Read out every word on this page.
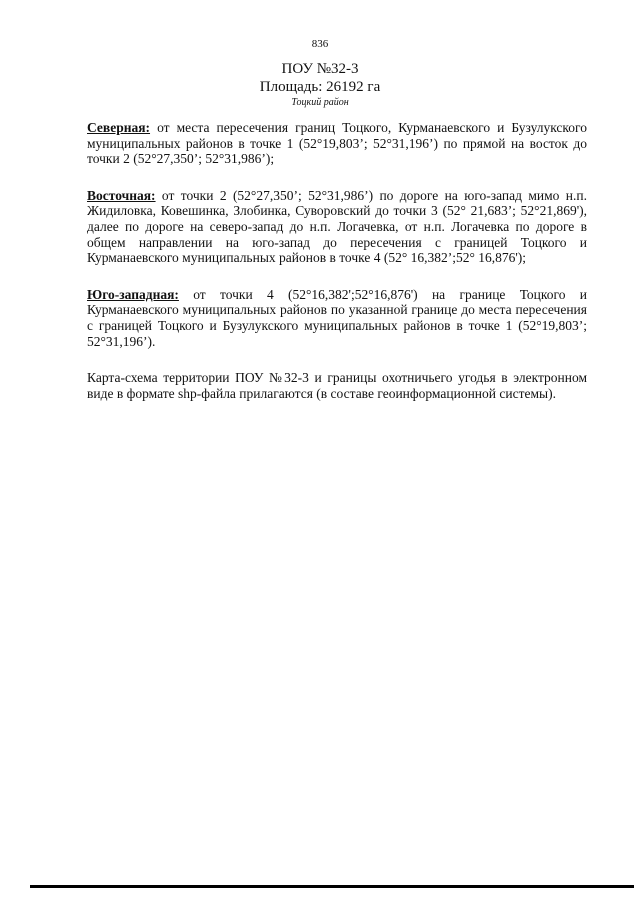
836
ПОУ №32-3
Площадь: 26192 га
Тоцкий район

Северная: от места пересечения границ Тоцкого, Курманаевского и Бузулукского муниципальных районов в точке 1 (52°19,803’; 52°31,196’) по прямой на восток до точки 2 (52°27,350’; 52°31,986’);

Восточная: от точки 2 (52°27,350’; 52°31,986’) по дороге на юго-запад мимо н.п. Жидиловка, Ковешинка, Злобинка, Суворовский до точки 3 (52° 21,683’; 52°21,869'), далее по дороге на северо-запад до н.п. Логачевка, от н.п. Логачевка по дороге в общем направлении на юго-запад до пересечения с границей Тоцкого и Курманаевского муниципальных районов в точке 4 (52° 16,382’;52° 16,876');

Юго-западная: от точки 4 (52°16,382';52°16,876') на границе Тоцкого и Курманаевского муниципальных районов по указанной границе до места пересечения с границей Тоцкого и Бузулукского муниципальных районов в точке 1 (52°19,803’; 52°31,196’).

Карта-схема территории ПОУ №32-3 и границы охотничьего угодья в электронном виде в формате shp-файла прилагаются (в составе геоинформационной системы).
